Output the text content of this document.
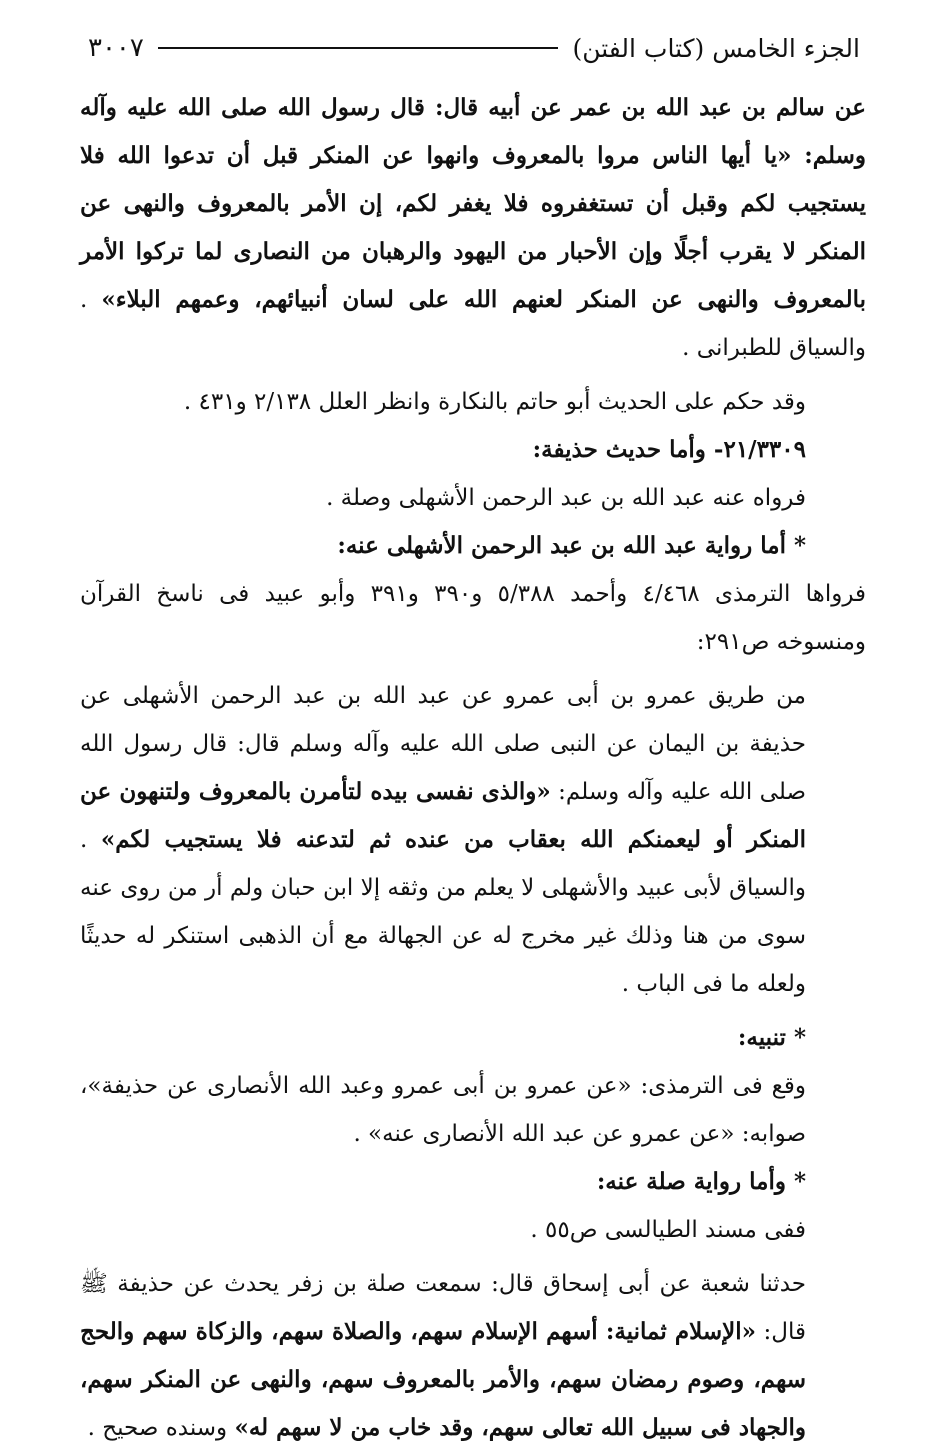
الجزء الخامس (كتاب الفتن)
٣٠٠٧

عن سالم بن عبد الله بن عمر عن أبيه قال: قال رسول الله صلى الله عليه وآله وسلم: «يا أيها الناس مروا بالمعروف وانهوا عن المنكر قبل أن تدعوا الله فلا يستجيب لكم وقبل أن تستغفروه فلا يغفر لكم، إن الأمر بالمعروف والنهى عن المنكر لا يقرب أجلًا وإن الأحبار من اليهود والرهبان من النصارى لما تركوا الأمر بالمعروف والنهى عن المنكر لعنهم الله على لسان أنبيائهم، وعمهم البلاء» . والسياق للطبرانى .

وقد حكم على الحديث أبو حاتم بالنكارة وانظر العلل ٢/١٣٨ و٤٣١ .

٢١/٣٣٠٩- وأما حديث حذيفة:

فرواه عنه عبد الله بن عبد الرحمن الأشهلى وصلة .

* أما رواية عبد الله بن عبد الرحمن الأشهلى عنه:

فرواها الترمذى ٤/٤٦٨ وأحمد ٥/٣٨٨ و٣٩٠ و٣٩١ وأبو عبيد فى ناسخ القرآن ومنسوخه ص٢٩١:

من طريق عمرو بن أبى عمرو عن عبد الله بن عبد الرحمن الأشهلى عن حذيفة بن اليمان عن النبى صلى الله عليه وآله وسلم قال: قال رسول الله صلى الله عليه وآله وسلم: «والذى نفسى بيده لتأمرن بالمعروف ولتنهون عن المنكر أو ليعمنكم الله بعقاب من عنده ثم لتدعنه فلا يستجيب لكم» . والسياق لأبى عبيد والأشهلى لا يعلم من وثقه إلا ابن حبان ولم أر من روى عنه سوى من هنا وذلك غير مخرج له عن الجهالة مع أن الذهبى استنكر له حديثًا ولعله ما فى الباب .

* تنبيه:

وقع فى الترمذى: «عن عمرو بن أبى عمرو وعبد الله الأنصارى عن حذيفة»، صوابه: «عن عمرو عن عبد الله الأنصارى عنه» .

* وأما رواية صلة عنه:

ففى مسند الطيالسى ص٥٥ .

حدثنا شعبة عن أبى إسحاق قال: سمعت صلة بن زفر يحدث عن حذيفة ﷺ قال: «الإسلام ثمانية: أسهم الإسلام سهم، والصلاة سهم، والزكاة سهم والحج سهم، وصوم رمضان سهم، والأمر بالمعروف سهم، والنهى عن المنكر سهم، والجهاد فى سبيل الله تعالى سهم، وقد خاب من لا سهم له» وسنده صحيح .
